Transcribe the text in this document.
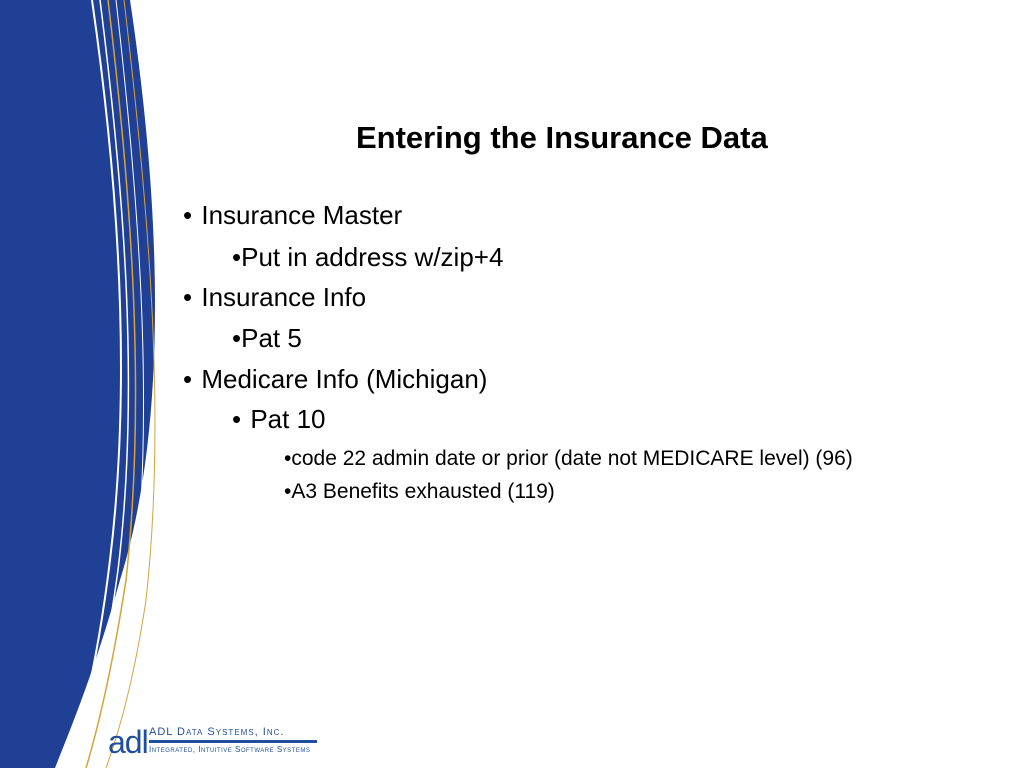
Entering the Insurance Data
• Insurance Master
•Put in address w/zip+4
• Insurance Info
•Pat 5
• Medicare Info (Michigan)
• Pat 10
•code 22 admin date or prior (date not MEDICARE level) (96)
•A3 Benefits exhausted (119)
adl ADL Data Systems, Inc.
Integrated, Intuitive Software Systems
